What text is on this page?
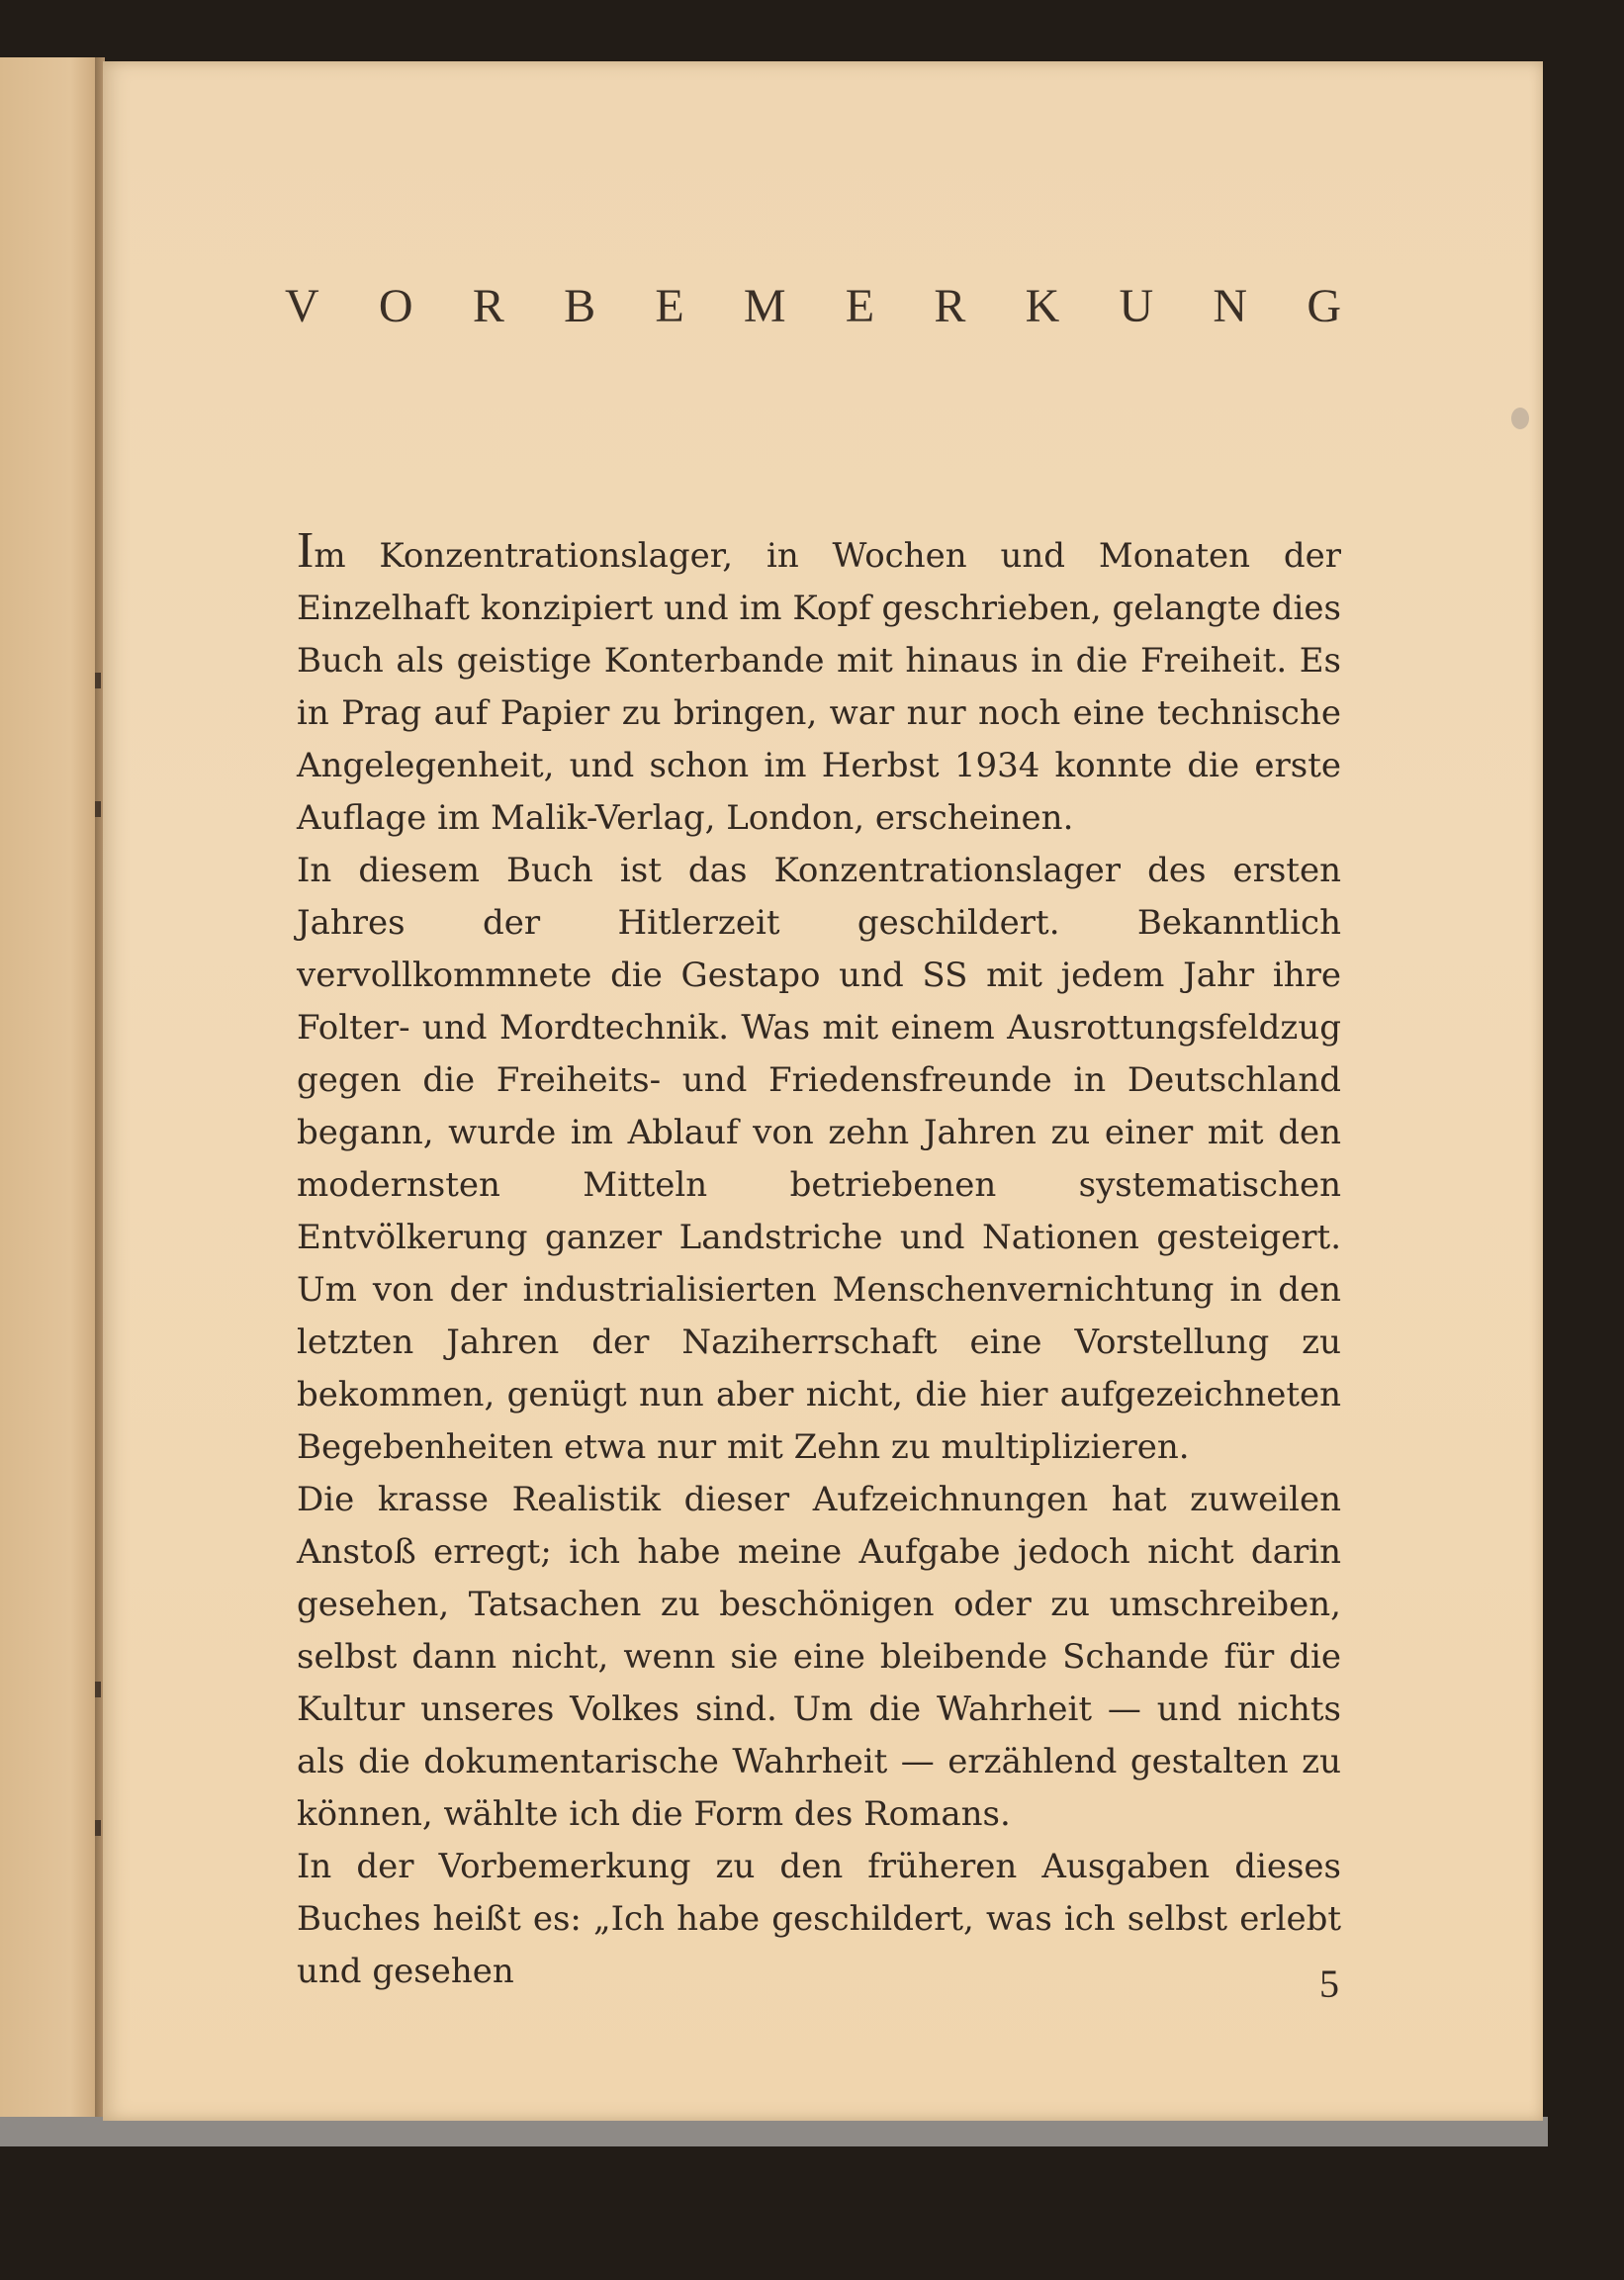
V O R B E M E R K U N G

Im Konzentrationslager, in Wochen und Monaten der Einzelhaft konzipiert und im Kopf geschrieben, gelangte dies Buch als geistige Konterbande mit hinaus in die Freiheit. Es in Prag auf Papier zu bringen, war nur noch eine technische Angelegenheit, und schon im Herbst 1934 konnte die erste Auflage im Malik-Verlag, London, erscheinen.

In diesem Buch ist das Konzentrationslager des ersten Jahres der Hitlerzeit geschildert. Bekanntlich vervollkommnete die Gestapo und SS mit jedem Jahr ihre Folter- und Mordtechnik. Was mit einem Ausrottungsfeldzug gegen die Freiheits- und Friedensfreunde in Deutschland begann, wurde im Ablauf von zehn Jahren zu einer mit den modernsten Mitteln betriebenen systematischen Entvölkerung ganzer Landstriche und Nationen gesteigert. Um von der industrialisierten Menschenvernichtung in den letzten Jahren der Naziherrschaft eine Vorstellung zu bekommen, genügt nun aber nicht, die hier aufgezeichneten Begebenheiten etwa nur mit Zehn zu multiplizieren.

Die krasse Realistik dieser Aufzeichnungen hat zuweilen Anstoß erregt; ich habe meine Aufgabe jedoch nicht darin gesehen, Tatsachen zu beschönigen oder zu umschreiben, selbst dann nicht, wenn sie eine bleibende Schande für die Kultur unseres Volkes sind. Um die Wahrheit — und nichts als die dokumentarische Wahrheit — erzählend gestalten zu können, wählte ich die Form des Romans.

In der Vorbemerkung zu den früheren Ausgaben dieses Buches heißt es: „Ich habe geschildert, was ich selbst erlebt und gesehen	5
